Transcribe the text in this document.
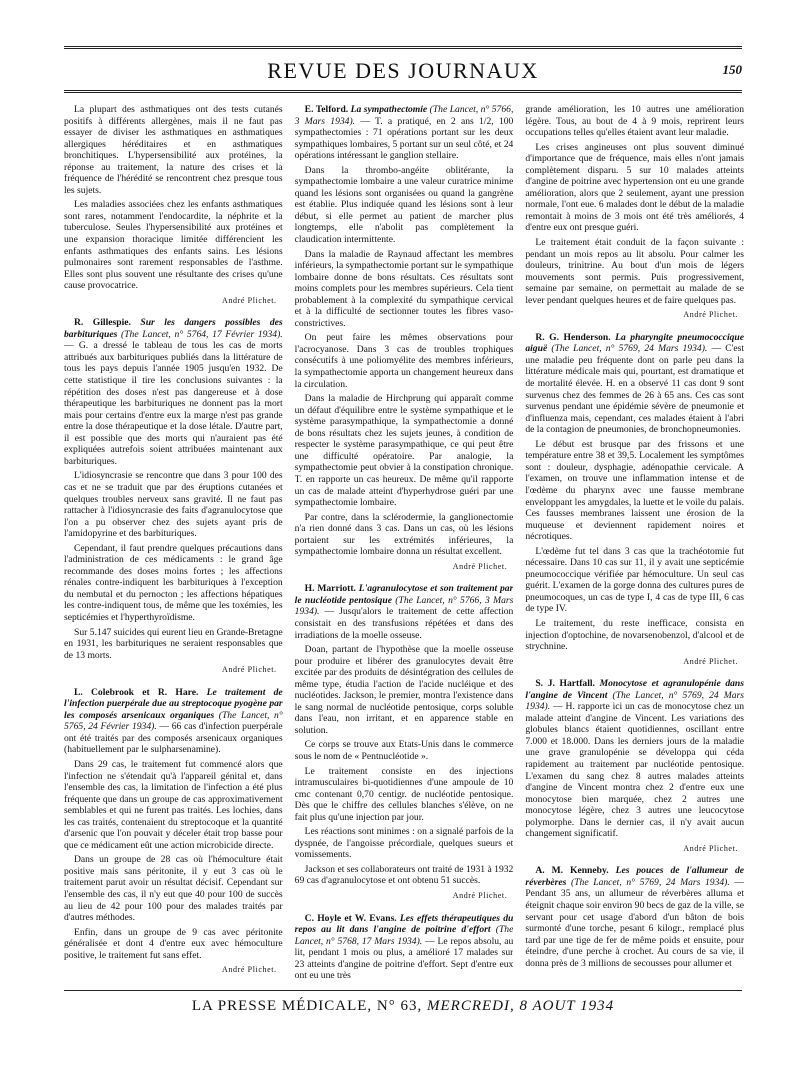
REVUE DES JOURNAUX	150

La plupart des asthmatiques ont des tests cutanés positifs à différents allergènes, mais il ne faut pas essayer de diviser les asthmatiques en asthmatiques allergiques héréditaires et en asthmatiques bronchitiques. L'hypersensibilité aux protéines, la réponse au traitement, la nature des crises et la fréquence de l'hérédité se rencontrent chez presque tous les sujets.

Les maladies associées chez les enfants asthmatiques sont rares, notamment l'endocardite, la néphrite et la tuberculose. Seules l'hypersensibilité aux protéines et une expansion thoracique limitée différencient les enfants asthmatiques des enfants sains. Les lésions pulmonaires sont rarement responsables de l'asthme. Elles sont plus souvent une résultante des crises qu'une cause provocatrice.

André Plichet.

R. Gillespie. Sur les dangers possibles des barbituriques (The Lancet, n° 5764, 17 Février 1934). — G. a dressé le tableau de tous les cas de morts attribués aux barbituriques publiés dans la littérature de tous les pays depuis l'année 1905 jusqu'en 1932. De cette statistique il tire les conclusions suivantes : la répétition des doses n'est pas dangereuse et à dose thérapeutique les barbituriques ne donnent pas la mort mais pour certains d'entre eux la marge n'est pas grande entre la dose thérapeutique et la dose létale. D'autre part, il est possible que des morts qui n'auraient pas été expliquées autrefois soient attribuées maintenant aux barbituriques.

L'idiosyncrasie se rencontre que dans 3 pour 100 des cas et ne se traduit que par des éruptions cutanées et quelques troubles nerveux sans gravité. Il ne faut pas rattacher à l'idiosyncrasie des faits d'agranulocytose que l'on a pu observer chez des sujets ayant pris de l'amidopyrine et des barbituriques.

Cependant, il faut prendre quelques précautions dans l'administration de ces médicaments : le grand âge recommande des doses moins fortes ; les affections rénales contre-indiquent les barbituriques à l'exception du nembutal et du pernocton ; les affections hépatiques les contre-indiquent tous, de même que les toxémies, les septicémies et l'hyperthyroïdisme.

Sur 5.147 suicides qui eurent lieu en Grande-Bretagne en 1931, les barbituriques ne seraient responsables que de 13 morts.

André Plichet.

L. Colebrook et R. Hare. Le traitement de l'infection puerpérale due au streptocoque pyogène par les composés arsenicaux organiques (The Lancet, n° 5765, 24 Février 1934). — 66 cas d'infection puerpérale ont été traités par des composés arsenicaux organiques (habituellement par le sulpharsenamine).

Dans 29 cas, le traitement fut commencé alors que l'infection ne s'étendait qu'à l'appareil génital et, dans l'ensemble des cas, la limitation de l'infection a été plus fréquente que dans un groupe de cas approximativement semblables et qui ne furent pas traités. Les lochies, dans les cas traités, contenaient du streptocoque et la quantité d'arsenic que l'on pouvait y déceler était trop basse pour que ce médicament eût une action microbicide directe.

Dans un groupe de 28 cas où l'hémoculture était positive mais sans péritonite, il y eut 3 cas où le traitement parut avoir un résultat décisif. Cependant sur l'ensemble des cas, il n'y eut que 40 pour 100 de succès au lieu de 42 pour 100 pour des malades traités par d'autres méthodes.

Enfin, dans un groupe de 9 cas avec péritonite généralisée et dont 4 d'entre eux avec hémoculture positive, le traitement fut sans effet.

André Plichet.

E. Telford. La sympathectomie (The Lancet, n° 5766, 3 Mars 1934). — T. a pratiqué, en 2 ans 1/2, 100 sympathectomies : 71 opérations portant sur les deux sympathiques lombaires, 5 portant sur un seul côté, et 24 opérations intéressant le ganglion stellaire.

Dans la thrombo-angéite oblitérante, la sympathectomie lombaire a une valeur curatrice minime quand les lésions sont organisées ou quand la gangrène est établie. Plus indiquée quand les lésions sont à leur début, si elle permet au patient de marcher plus longtemps, elle n'abolit pas complètement la claudication intermittente.

Dans la maladie de Raynaud affectant les membres inférieurs, la sympathectomie portant sur le sympathique lombaire donne de bons résultats. Ces résultats sont moins complets pour les membres supérieurs. Cela tient probablement à la complexité du sympathique cervical et à la difficulté de sectionner toutes les fibres vaso-constrictives.

On peut faire les mêmes observations pour l'acrocyanose. Dans 3 cas de troubles trophiques consécutifs à une poliomyélite des membres inférieurs, la sympathectomie apporta un changement heureux dans la circulation.

Dans la maladie de Hirchprung qui apparaît comme un défaut d'équilibre entre le système sympathique et le système parasympathique, la sympathectomie a donné de bons résultats chez les sujets jeunes, à condition de respecter le système parasympathique, ce qui peut être une difficulté opératoire. Par analogie, la sympathectomie peut obvier à la constipation chronique. T. en rapporte un cas heureux. De même qu'il rapporte un cas de malade atteint d'hyperhydrose guéri par une sympathectomie lombaire.

Par contre, dans la sclérodermie, la ganglionectomie n'a rien donné dans 3 cas. Dans un cas, où les lésions portaient sur les extrémités inférieures, la sympathectomie lombaire donna un résultat excellent.

André Plichet.

H. Marriott. L'agranulocytose et son traitement par le nucléotide pentosique (The Lancet, n° 5766, 3 Mars 1934). — Jusqu'alors le traitement de cette affection consistait en des transfusions répétées et dans des irradiations de la moelle osseuse.

Doan, partant de l'hypothèse que la moelle osseuse pour produire et libérer des granulocytes devait être excitée par des produits de désintégration des cellules de même type, étudia l'action de l'acide nucléique et des nucléotides. Jackson, le premier, montra l'existence dans le sang normal de nucléotide pentosique, corps soluble dans l'eau, non irritant, et en apparence stable en solution.

Ce corps se trouve aux Etats-Unis dans le commerce sous le nom de « Pentnucléotide ».

Le traitement consiste en des injections intramusculaires bi-quotidiennes d'une ampoule de 10 cmc contenant 0,70 centigr. de nucléotide pentosique. Dès que le chiffre des cellules blanches s'élève, on ne fait plus qu'une injection par jour.

Les réactions sont minimes : on a signalé parfois de la dyspnée, de l'angoisse précordiale, quelques sueurs et vomissements.

Jackson et ses collaborateurs ont traité de 1931 à 1932 69 cas d'agranulocytose et ont obtenu 51 succès.

André Plichet.

C. Hoyle et W. Evans. Les effets thérapeutiques du repos au lit dans l'angine de poitrine d'effort (The Lancet, n° 5768, 17 Mars 1934). — Le repos absolu, au lit, pendant 1 mois ou plus, a amélioré 17 malades sur 23 atteints d'angine de poitrine d'effort. Sept d'entre eux ont eu une très

grande amélioration, les 10 autres une amélioration légère. Tous, au bout de 4 à 9 mois, reprirent leurs occupations telles qu'elles étaient avant leur maladie.

Les crises angineuses ont plus souvent diminué d'importance que de fréquence, mais elles n'ont jamais complètement disparu. 5 sur 10 malades atteints d'angine de poitrine avec hypertension ont eu une grande amélioration, alors que 2 seulement, ayant une pression normale, l'ont eue. 6 malades dont le début de la maladie remontait à moins de 3 mois ont été très améliorés, 4 d'entre eux ont presque guéri.

Le traitement était conduit de la façon suivante : pendant un mois repos au lit absolu. Pour calmer les douleurs, trinitrine. Au bout d'un mois de légers mouvements sont permis. Puis progressivement, semaine par semaine, on permettait au malade de se lever pendant quelques heures et de faire quelques pas.

André Plichet.

R. G. Henderson. La pharyngite pneumococcique aiguë (The Lancet, n° 5769, 24 Mars 1934). — C'est une maladie peu fréquente dont on parle peu dans la littérature médicale mais qui, pourtant, est dramatique et de mortalité élevée. H. en a observé 11 cas dont 9 sont survenus chez des femmes de 26 à 65 ans. Ces cas sont survenus pendant une épidémie sévère de pneumonie et d'influenza mais, cependant, ces malades étaient à l'abri de la contagion de pneumonies, de bronchopneumonies.

Le début est brusque par des frissons et une température entre 38 et 39,5. Localement les symptômes sont : douleur, dysphagie, adénopathie cervicale. A l'examen, on trouve une inflammation intense et de l'œdème du pharynx avec une fausse membrane enveloppant les amygdales, la luette et le voile du palais. Ces fausses membranes laissent une érosion de la muqueuse et deviennent rapidement noires et nécrotiques.

L'œdème fut tel dans 3 cas que la trachéotomie fut nécessaire. Dans 10 cas sur 11, il y avait une septicémie pneumococcique vérifiée par hémoculture. Un seul cas guérit. L'examen de la gorge donna des cultures pures de pneumocoques, un cas de type I, 4 cas de type III, 6 cas de type IV.

Le traitement, du reste inefficace, consista en injection d'optochine, de novarsenobenzol, d'alcool et de strychnine.

André Plichet.

S. J. Hartfall. Monocytose et agranulopénie dans l'angine de Vincent (The Lancet, n° 5769, 24 Mars 1934). — H. rapporte ici un cas de monocytose chez un malade atteint d'angine de Vincent. Les variations des globules blancs étaient quotidiennes, oscillant entre 7.000 et 18.000. Dans les derniers jours de la maladie une grave granulopénie se développa qui céda rapidement au traitement par nucléotide pentosique. L'examen du sang chez 8 autres malades atteints d'angine de Vincent montra chez 2 d'entre eux une monocytose bien marquée, chez 2 autres une monocytose légère, chez 3 autres une leucocytose polymorphe. Dans le dernier cas, il n'y avait aucun changement significatif.

André Plichet.

A. M. Kenneby. Les pouces de l'allumeur de réverbères (The Lancet, n° 5769, 24 Mars 1934). — Pendant 35 ans, un allumeur de réverbères alluma et éteignit chaque soir environ 90 becs de gaz de la ville, se servant pour cet usage d'abord d'un bâton de bois surmonté d'une torche, pesant 6 kilogr., remplacé plus tard par une tige de fer de même poids et ensuite, pour éteindre, d'une perche à crochet. Au cours de sa vie, il donna près de 3 millions de secousses pour allumer et

LA PRESSE MÉDICALE, N° 63, MERCREDI, 8 AOUT 1934
